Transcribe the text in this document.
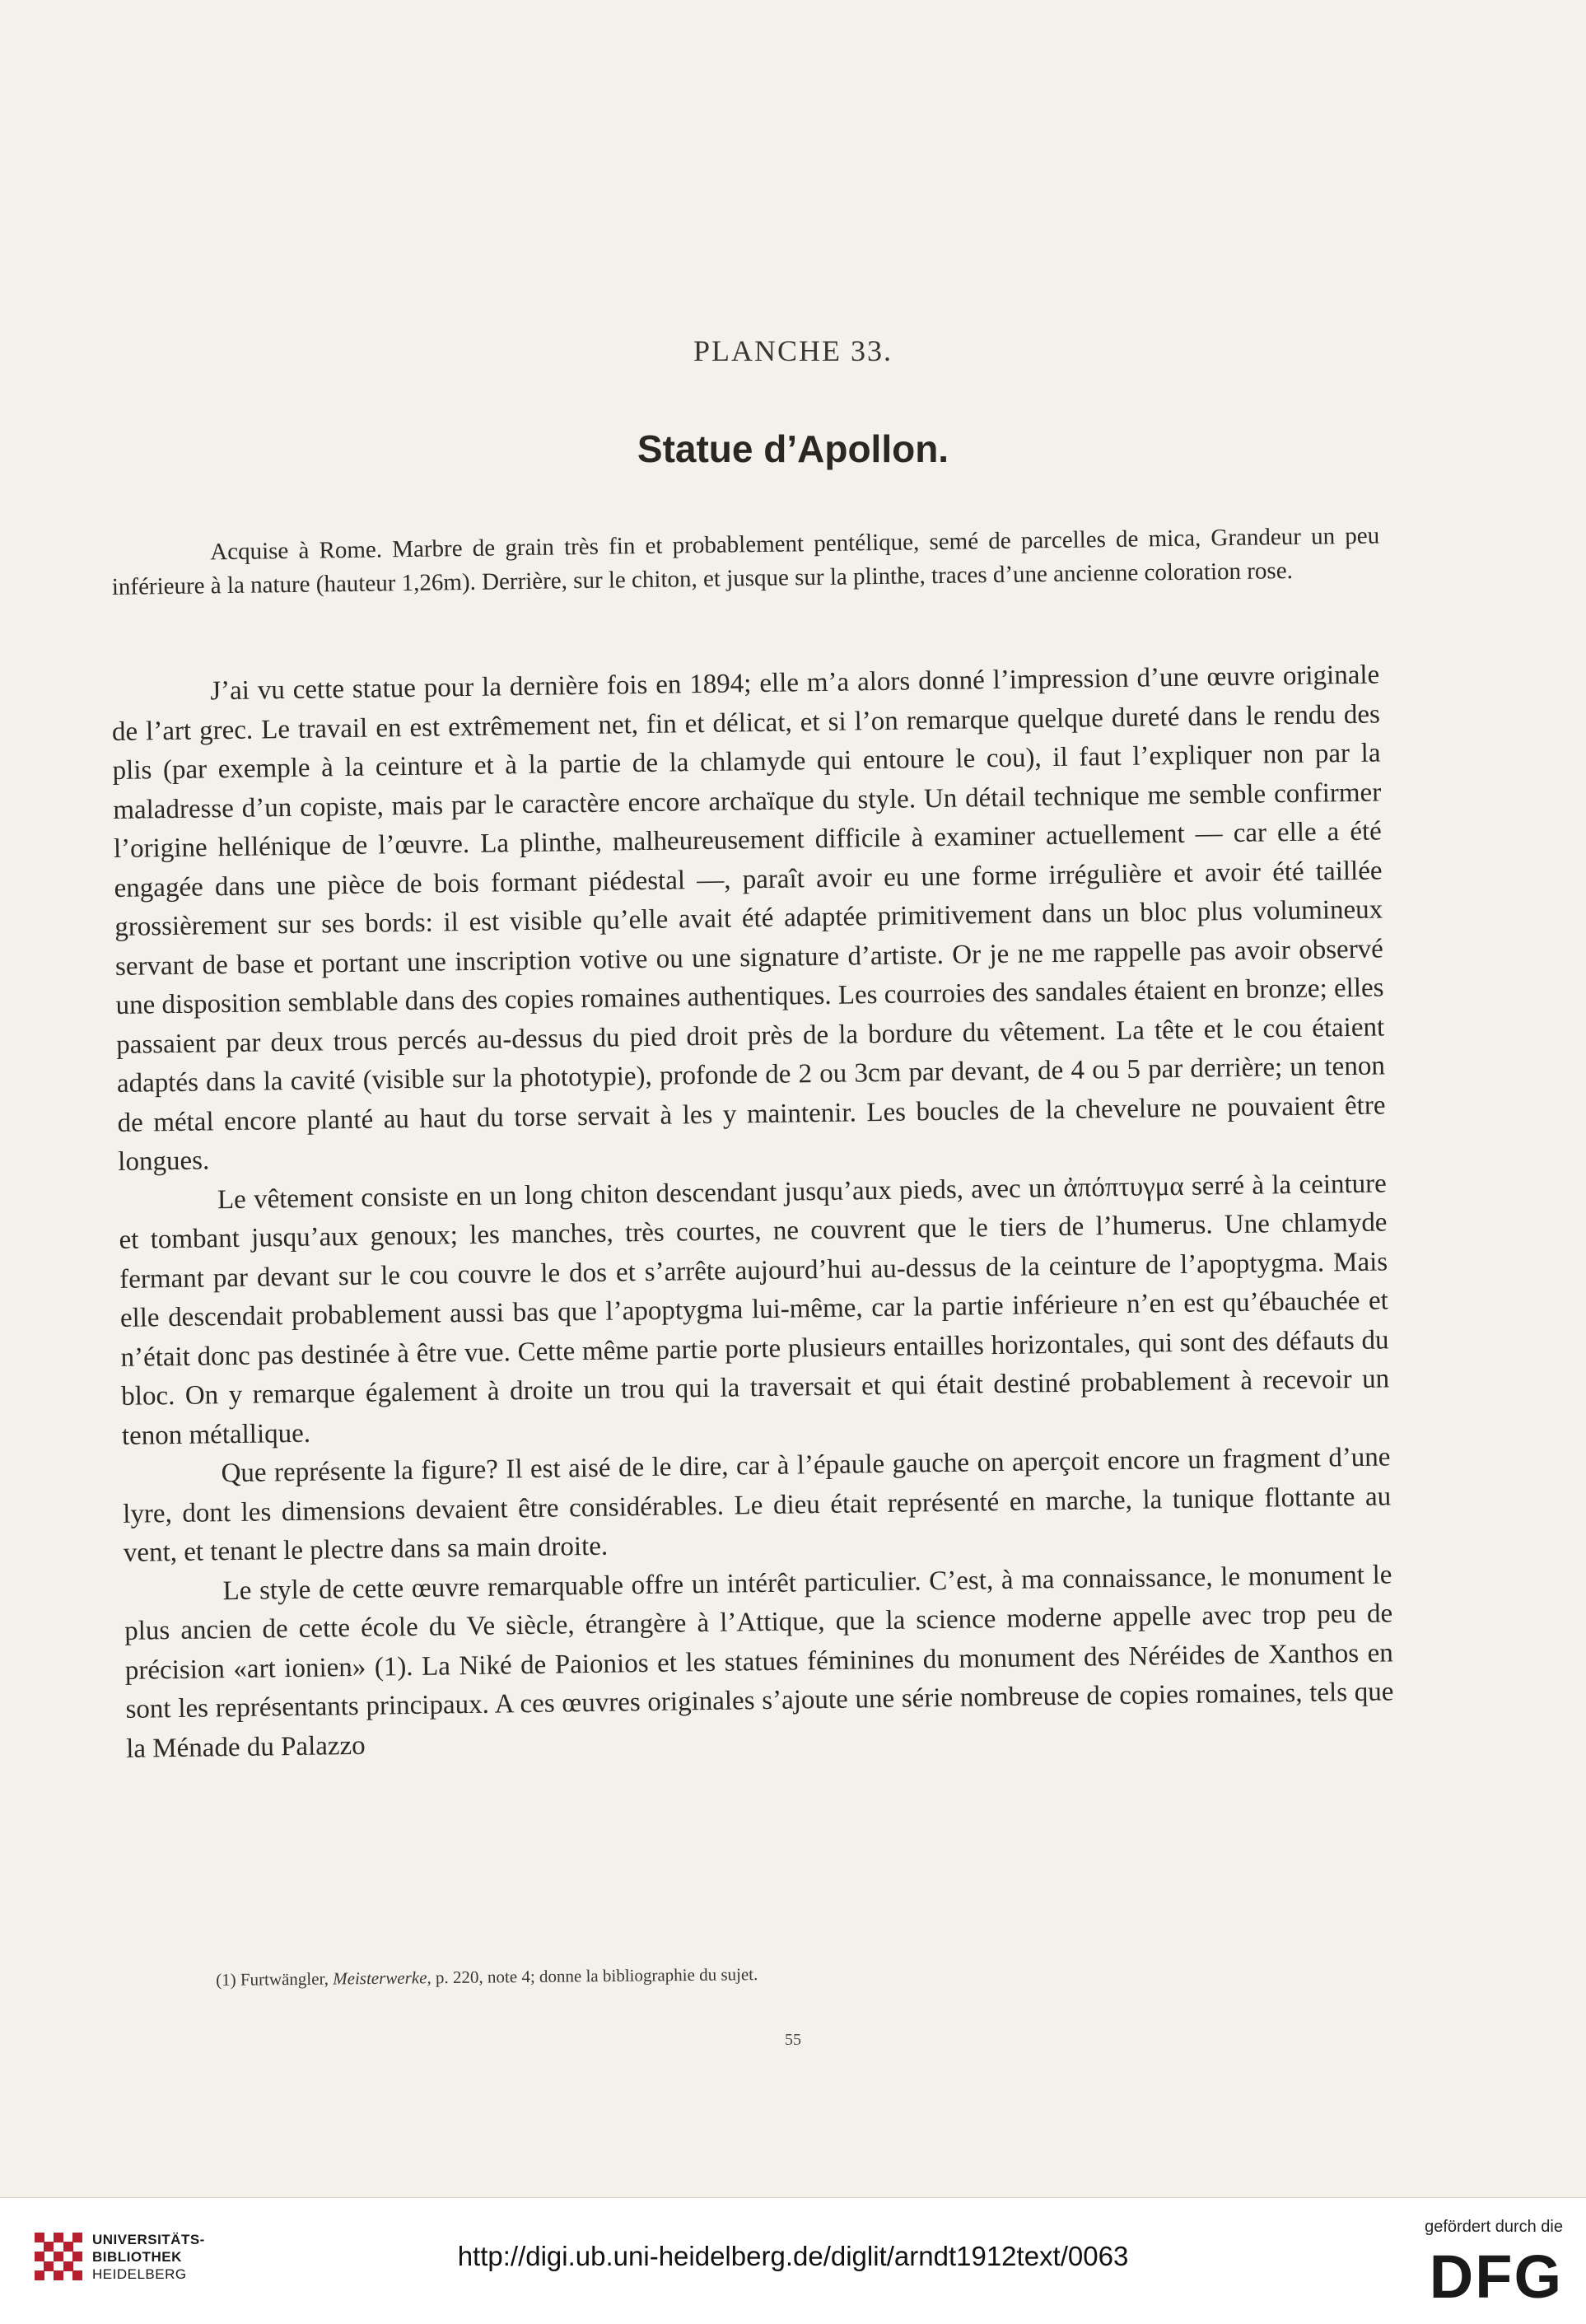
PLANCHE 33.
Statue d’Apollon.

Acquise à Rome. Marbre de grain très fin et probablement pentélique, semé de parcelles de mica, Grandeur un peu inférieure à la nature (hauteur 1,26m). Derrière, sur le chiton, et jusque sur la plinthe, traces d’une ancienne coloration rose.

J’ai vu cette statue pour la dernière fois en 1894; elle m’a alors donné l’impression d’une œuvre originale de l’art grec. Le travail en est extrêmement net, fin et délicat, et si l’on remarque quelque dureté dans le rendu des plis (par exemple à la ceinture et à la partie de la chlamyde qui entoure le cou), il faut l’expliquer non par la maladresse d’un copiste, mais par le caractère encore archaïque du style. Un détail technique me semble confirmer l’origine hellénique de l’œuvre. La plinthe, malheureusement difficile à examiner actuellement — car elle a été engagée dans une pièce de bois formant piédestal —, paraît avoir eu une forme irrégulière et avoir été taillée grossièrement sur ses bords: il est visible qu’elle avait été adaptée primitivement dans un bloc plus volumineux servant de base et portant une inscription votive ou une signature d’artiste. Or je ne me rappelle pas avoir observé une disposition semblable dans des copies romaines authentiques. Les courroies des sandales étaient en bronze; elles passaient par deux trous percés au-dessus du pied droit près de la bordure du vêtement. La tête et le cou étaient adaptés dans la cavité (visible sur la phototypie), profonde de 2 ou 3cm par devant, de 4 ou 5 par derrière; un tenon de métal encore planté au haut du torse servait à les y maintenir. Les boucles de la chevelure ne pouvaient être longues.

Le vêtement consiste en un long chiton descendant jusqu’aux pieds, avec un ἀπόπτυγμα serré à la ceinture et tombant jusqu’aux genoux; les manches, très courtes, ne couvrent que le tiers de l’humerus. Une chlamyde fermant par devant sur le cou couvre le dos et s’arrête aujourd’hui au-dessus de la ceinture de l’apoptygma. Mais elle descendait probablement aussi bas que l’apoptygma lui-même, car la partie inférieure n’en est qu’ébauchée et n’était donc pas destinée à être vue. Cette même partie porte plusieurs entailles horizontales, qui sont des défauts du bloc. On y remarque également à droite un trou qui la traversait et qui était destiné probablement à recevoir un tenon métallique.

Que représente la figure? Il est aisé de le dire, car à l’épaule gauche on aperçoit encore un fragment d’une lyre, dont les dimensions devaient être considérables. Le dieu était représenté en marche, la tunique flottante au vent, et tenant le plectre dans sa main droite.

Le style de cette œuvre remarquable offre un intérêt particulier. C’est, à ma connaissance, le monument le plus ancien de cette école du Ve siècle, étrangère à l’Attique, que la science moderne appelle avec trop peu de précision «art ionien» (1). La Niké de Paionios et les statues féminines du monument des Néréides de Xanthos en sont les représentants principaux. A ces œuvres originales s’ajoute une série nombreuse de copies romaines, tels que la Ménade du Palazzo

(1) Furtwängler, Meisterwerke, p. 220, note 4; donne la bibliographie du sujet.
55
UNIVERSITÄTS-
BIBLIOTHEK
HEIDELBERG
http://digi.ub.uni-heidelberg.de/diglit/arndt1912text/0063
gefördert durch die
DFG
